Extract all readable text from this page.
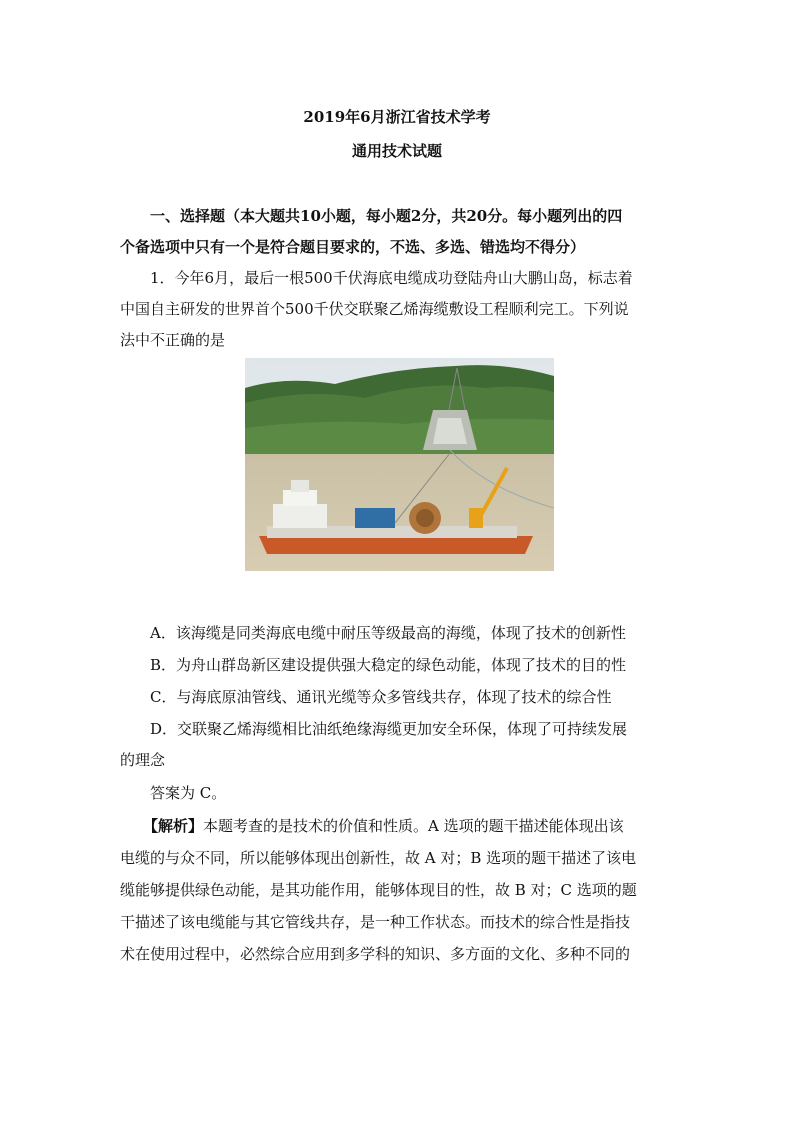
2019年6月浙江省技术学考
通用技术试题
一、选择题（本大题共10小题，每小题2分，共20分。每小题列出的四
个备选项中只有一个是符合题目要求的，不选、多选、错选均不得分）
1．今年6月，最后一根500千伏海底电缆成功登陆舟山大鹏山岛，标志着
中国自主研发的世界首个500千伏交联聚乙烯海缆敷设工程顺利完工。下列说
法中不正确的是
A．该海缆是同类海底电缆中耐压等级最高的海缆，体现了技术的创新性
B．为舟山群岛新区建设提供强大稳定的绿色动能，体现了技术的目的性
C．与海底原油管线、通讯光缆等众多管线共存，体现了技术的综合性
D．交联聚乙烯海缆相比油纸绝缘海缆更加安全环保，体现了可持续发展
的理念
答案为 C。
【解析】本题考查的是技术的价值和性质。A 选项的题干描述能体现出该
电缆的与众不同，所以能够体现出创新性，故 A 对；B 选项的题干描述了该电
缆能够提供绿色动能，是其功能作用，能够体现目的性，故 B 对；C 选项的题
干描述了该电缆能与其它管线共存，是一种工作状态。而技术的综合性是指技
术在使用过程中，必然综合应用到多学科的知识、多方面的文化、多种不同的
